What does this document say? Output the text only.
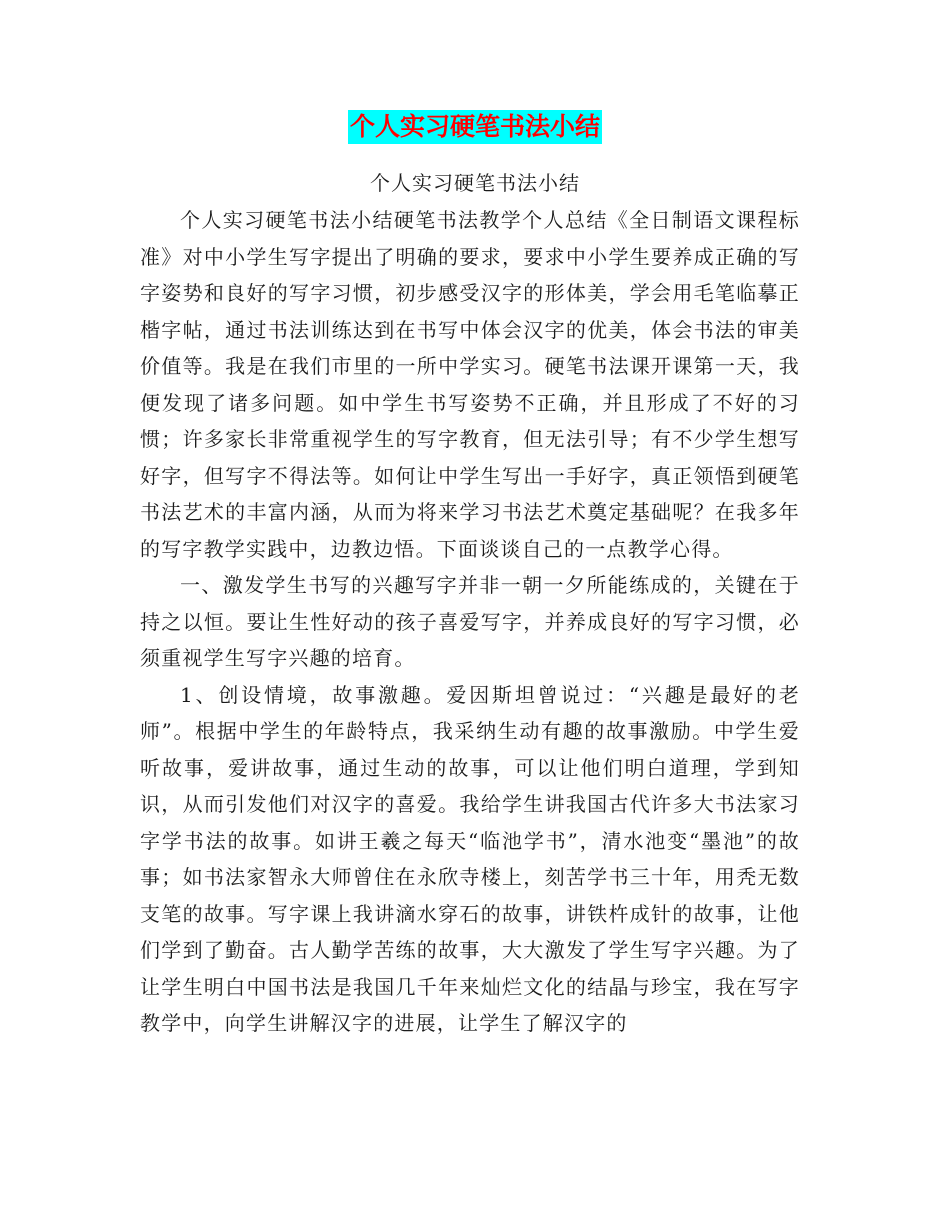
个人实习硬笔书法小结
个人实习硬笔书法小结

个人实习硬笔书法小结硬笔书法教学个人总结《全日制语文课程标准》对中小学生写字提出了明确的要求，要求中小学生要养成正确的写字姿势和良好的写字习惯，初步感受汉字的形体美，学会用毛笔临摹正楷字帖，通过书法训练达到在书写中体会汉字的优美，体会书法的审美价值等。我是在我们市里的一所中学实习。硬笔书法课开课第一天，我便发现了诸多问题。如中学生书写姿势不正确，并且形成了不好的习惯；许多家长非常重视学生的写字教育，但无法引导；有不少学生想写好字，但写字不得法等。如何让中学生写出一手好字，真正领悟到硬笔书法艺术的丰富内涵，从而为将来学习书法艺术奠定基础呢？在我多年的写字教学实践中，边教边悟。下面谈谈自己的一点教学心得。

一、激发学生书写的兴趣写字并非一朝一夕所能练成的，关键在于持之以恒。要让生性好动的孩子喜爱写字，并养成良好的写字习惯，必须重视学生写字兴趣的培育。

1、创设情境，故事激趣。爱因斯坦曾说过：“兴趣是最好的老师”。根据中学生的年龄特点，我采纳生动有趣的故事激励。中学生爱听故事，爱讲故事，通过生动的故事，可以让他们明白道理，学到知识，从而引发他们对汉字的喜爱。我给学生讲我国古代许多大书法家习字学书法的故事。如讲王羲之每天“临池学书”，清水池变“墨池”的故事；如书法家智永大师曾住在永欣寺楼上，刻苦学书三十年，用秃无数支笔的故事。写字课上我讲滴水穿石的故事，讲铁杵成针的故事，让他们学到了勤奋。古人勤学苦练的故事，大大激发了学生写字兴趣。为了让学生明白中国书法是我国几千年来灿烂文化的结晶与珍宝，我在写字教学中，向学生讲解汉字的进展，让学生了解汉字的
